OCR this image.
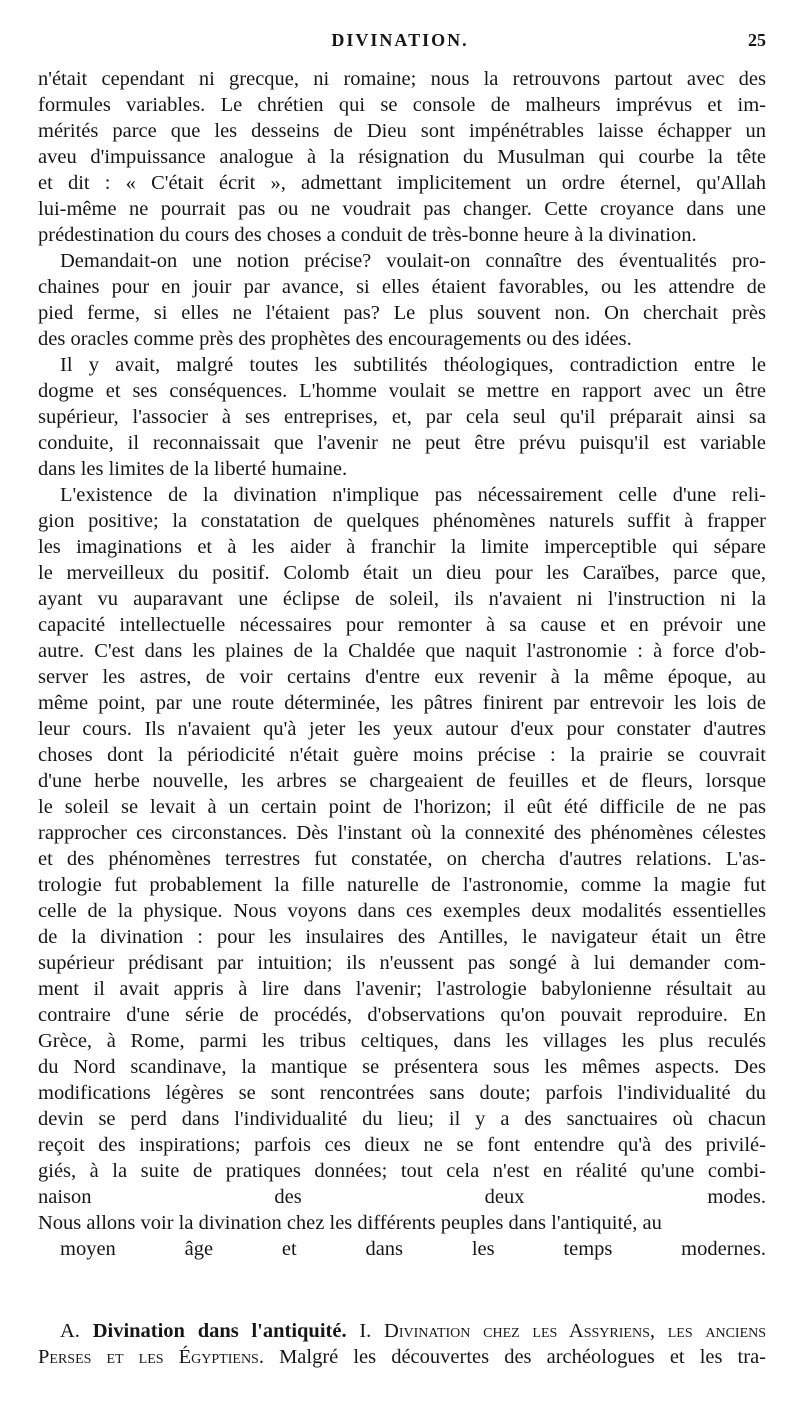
DIVINATION.	25
n'était cependant ni grecque, ni romaine; nous la retrouvons partout avec des
formules variables. Le chrétien qui se console de malheurs imprévus et im-
mérités parce que les desseins de Dieu sont impénétrables laisse échapper un
aveu d'impuissance analogue à la résignation du Musulman qui courbe la tête
et dit : « C'était écrit », admettant implicitement un ordre éternel, qu'Allah
lui-même ne pourrait pas ou ne voudrait pas changer. Cette croyance dans une
prédestination du cours des choses a conduit de très-bonne heure à la divination.
Demandait-on une notion précise? voulait-on connaître des éventualités pro-
chaines pour en jouir par avance, si elles étaient favorables, ou les attendre de
pied ferme, si elles ne l'étaient pas? Le plus souvent non. On cherchait près
des oracles comme près des prophètes des encouragements ou des idées.
Il y avait, malgré toutes les subtilités théologiques, contradiction entre le
dogme et ses conséquences. L'homme voulait se mettre en rapport avec un être
supérieur, l'associer à ses entreprises, et, par cela seul qu'il préparait ainsi sa
conduite, il reconnaissait que l'avenir ne peut être prévu puisqu'il est variable
dans les limites de la liberté humaine.
L'existence de la divination n'implique pas nécessairement celle d'une reli-
gion positive; la constatation de quelques phénomènes naturels suffit à frapper
les imaginations et à les aider à franchir la limite imperceptible qui sépare
le merveilleux du positif. Colomb était un dieu pour les Caraïbes, parce que,
ayant vu auparavant une éclipse de soleil, ils n'avaient ni l'instruction ni la
capacité intellectuelle nécessaires pour remonter à sa cause et en prévoir une
autre. C'est dans les plaines de la Chaldée que naquit l'astronomie : à force d'ob-
server les astres, de voir certains d'entre eux revenir à la même époque, au
même point, par une route déterminée, les pâtres finirent par entrevoir les lois de
leur cours. Ils n'avaient qu'à jeter les yeux autour d'eux pour constater d'autres
choses dont la périodicité n'était guère moins précise : la prairie se couvrait
d'une herbe nouvelle, les arbres se chargeaient de feuilles et de fleurs, lorsque
le soleil se levait à un certain point de l'horizon; il eût été difficile de ne pas
rapprocher ces circonstances. Dès l'instant où la connexité des phénomènes célestes
et des phénomènes terrestres fut constatée, on chercha d'autres relations. L'as-
trologie fut probablement la fille naturelle de l'astronomie, comme la magie fut
celle de la physique. Nous voyons dans ces exemples deux modalités essentielles
de la divination : pour les insulaires des Antilles, le navigateur était un être
supérieur prédisant par intuition; ils n'eussent pas songé à lui demander com-
ment il avait appris à lire dans l'avenir; l'astrologie babylonienne résultait au
contraire d'une série de procédés, d'observations qu'on pouvait reproduire. En
Grèce, à Rome, parmi les tribus celtiques, dans les villages les plus reculés
du Nord scandinave, la mantique se présentera sous les mêmes aspects. Des
modifications légères se sont rencontrées sans doute; parfois l'individualité du
devin se perd dans l'individualité du lieu; il y a des sanctuaires où chacun
reçoit des inspirations; parfois ces dieux ne se font entendre qu'à des privilé-
giés, à la suite de pratiques données; tout cela n'est en réalité qu'une combi-
naison des deux modes.
Nous allons voir la divination chez les différents peuples dans l'antiquité, au
moyen âge et dans les temps modernes.
A. Divination dans l'antiquité. I. Divination chez les Assyriens, les anciens
Perses et les Égyptiens. Malgré les découvertes des archéologues et les tra-
